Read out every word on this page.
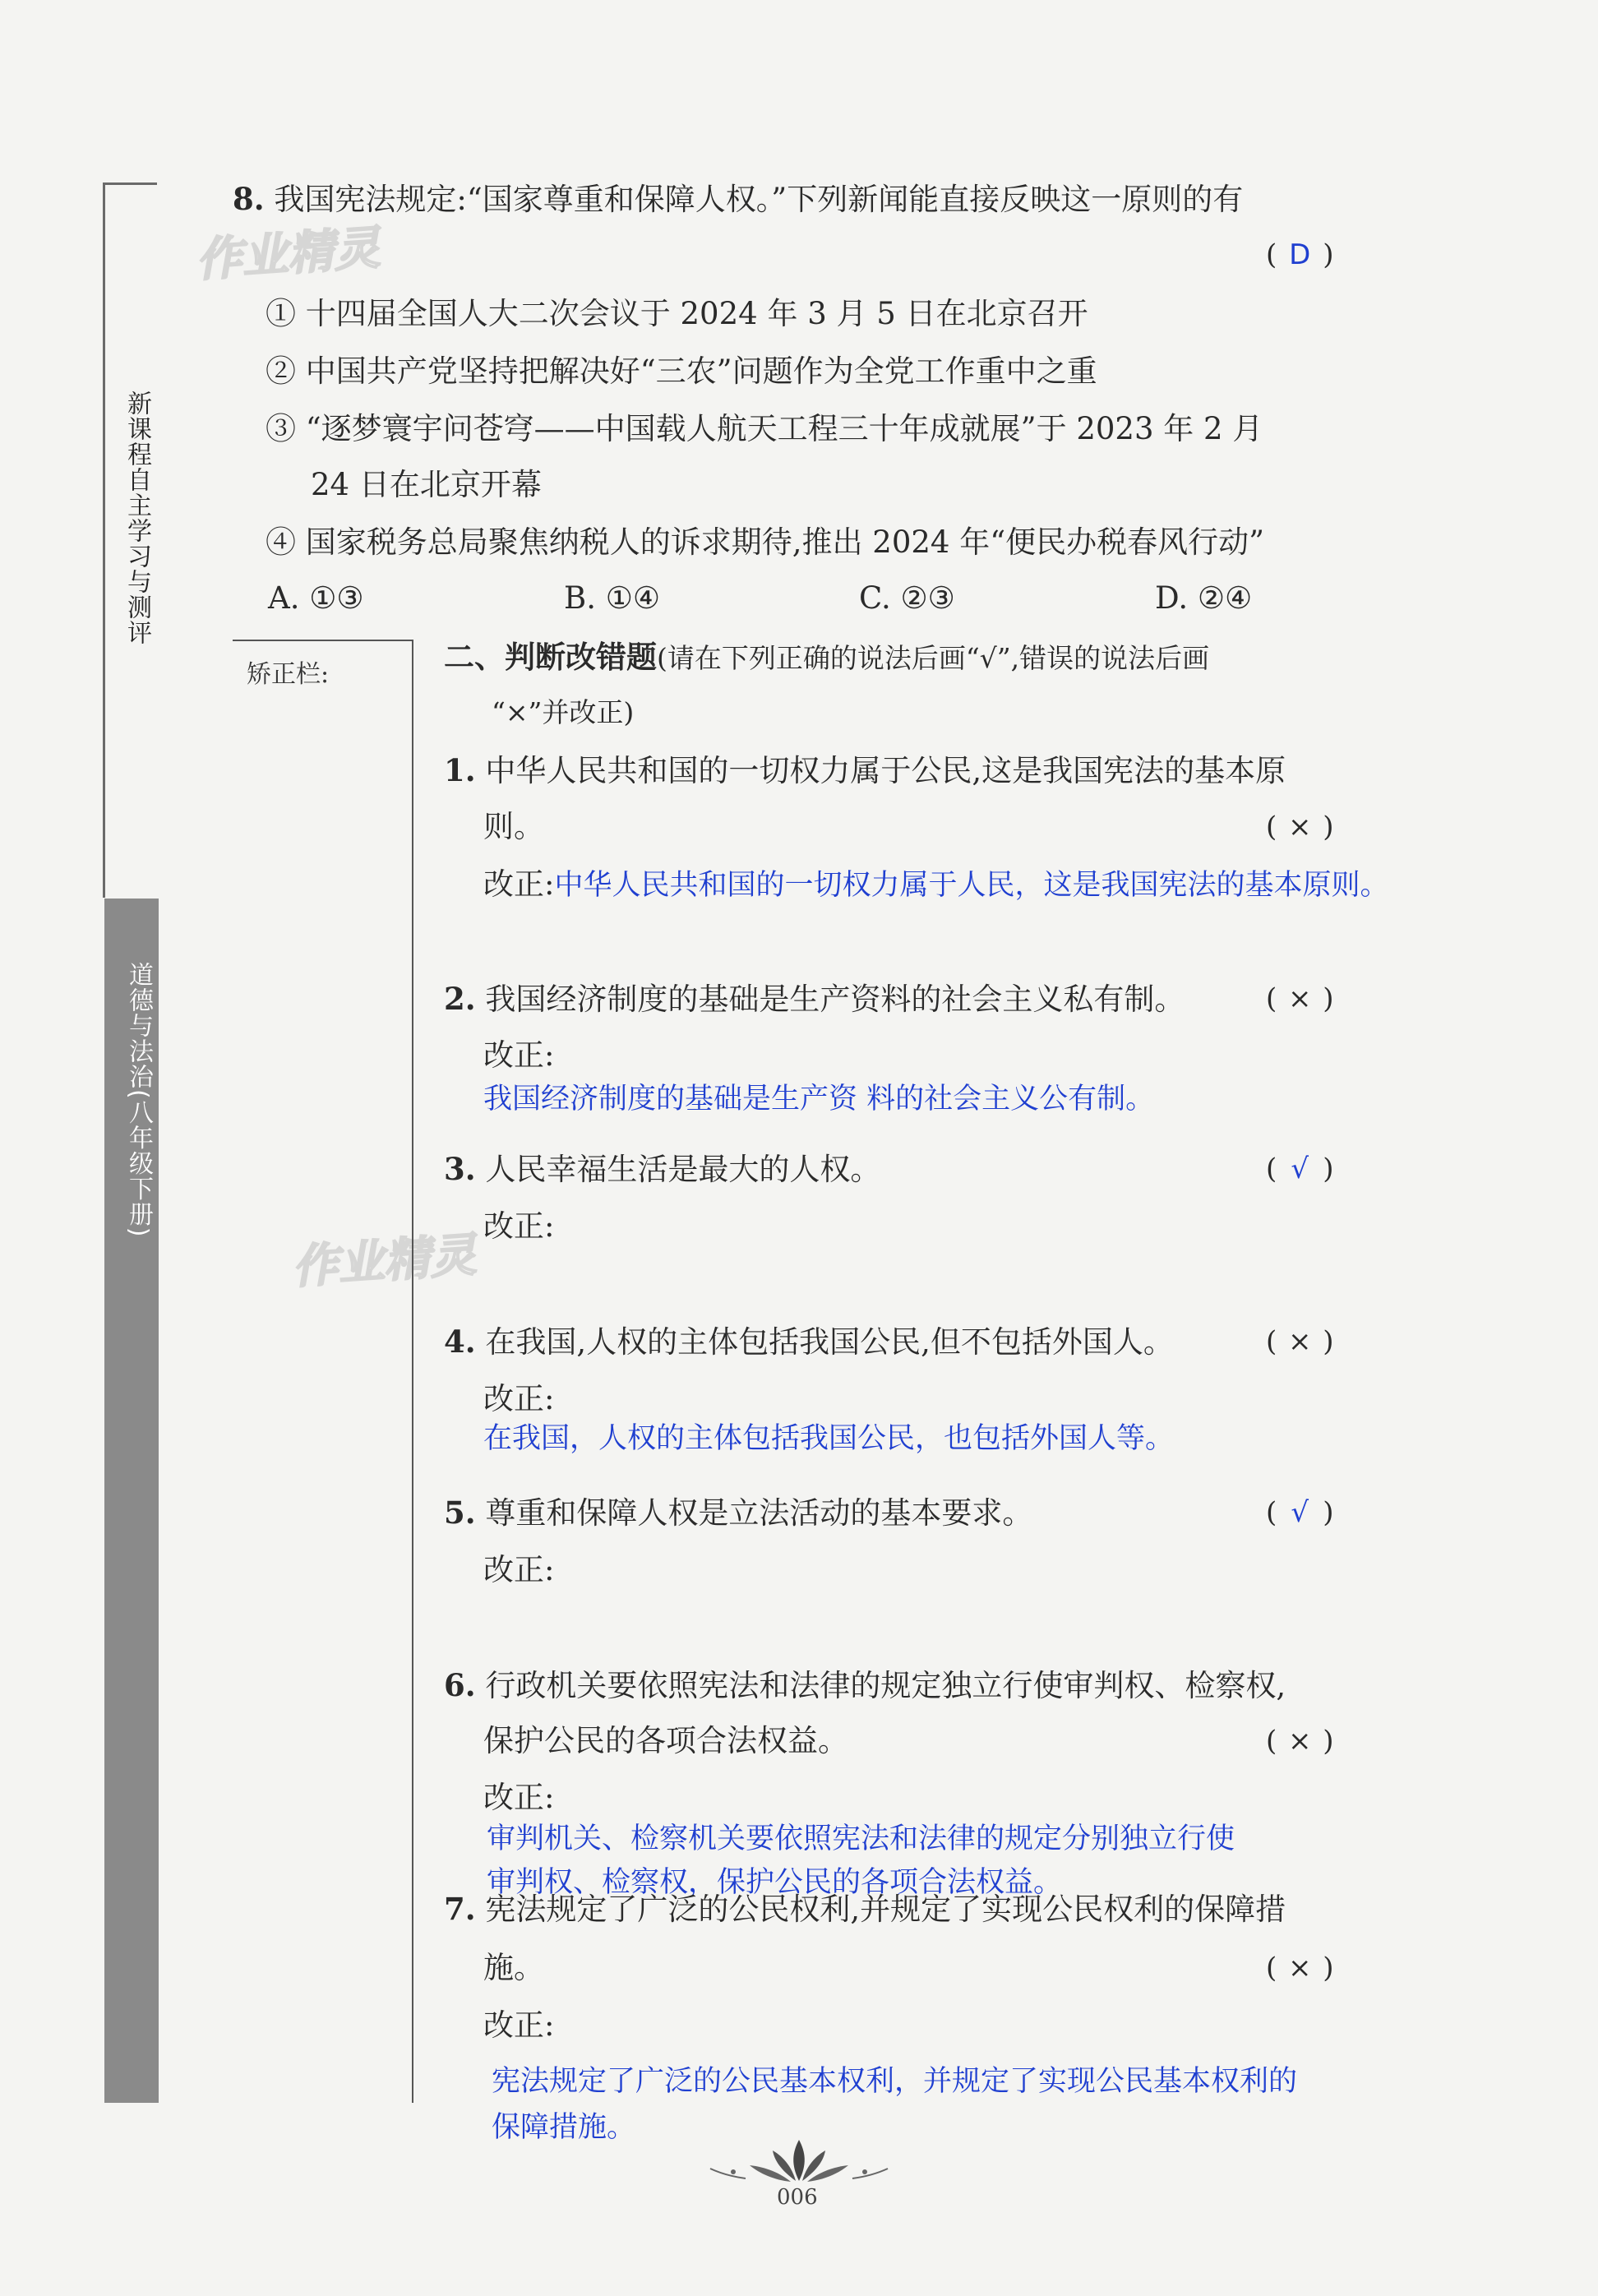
新课程自主学习与测评
道德与法治(八年级下册)
作业精灵
作业精灵
8. 我国宪法规定:“国家尊重和保障人权。”下列新闻能直接反映这一原则的有
( D )
① 十四届全国人大二次会议于 2024 年 3 月 5 日在北京召开
② 中国共产党坚持把解决好“三农”问题作为全党工作重中之重
③ “逐梦寰宇问苍穹——中国载人航天工程三十年成就展”于 2023 年 2 月
24 日在北京开幕
④ 国家税务总局聚焦纳税人的诉求期待,推出 2024 年“便民办税春风行动”
A. ①③	B. ①④	C. ②③	D. ②④
矫正栏:	二、判断改错题(请在下列正确的说法后画“√”,错误的说法后画
“×”并改正)
1. 中华人民共和国的一切权力属于公民,这是我国宪法的基本原
则。	( × )
改正:中华人民共和国的一切权力属于人民，这是我国宪法的基本原则。
2. 我国经济制度的基础是生产资料的社会主义私有制。	( × )
改正:
我国经济制度的基础是生产资 料的社会主义公有制。
3. 人民幸福生活是最大的人权。	( √ )
改正:
4. 在我国,人权的主体包括我国公民,但不包括外国人。	( × )
改正:
在我国，人权的主体包括我国公民，也包括外国人等。
5. 尊重和保障人权是立法活动的基本要求。	( √ )
改正:
6. 行政机关要依照宪法和法律的规定独立行使审判权、检察权,
保护公民的各项合法权益。	( × )
改正:
审判机关、检察机关要依照宪法和法律的规定分别独立行使
审判权、检察权，保护公民的各项合法权益。
7. 宪法规定了广泛的公民权利,并规定了实现公民权利的保障措
施。	( × )
改正:
宪法规定了广泛的公民基本权利，并规定了实现公民基本权利的
保障措施。
006
